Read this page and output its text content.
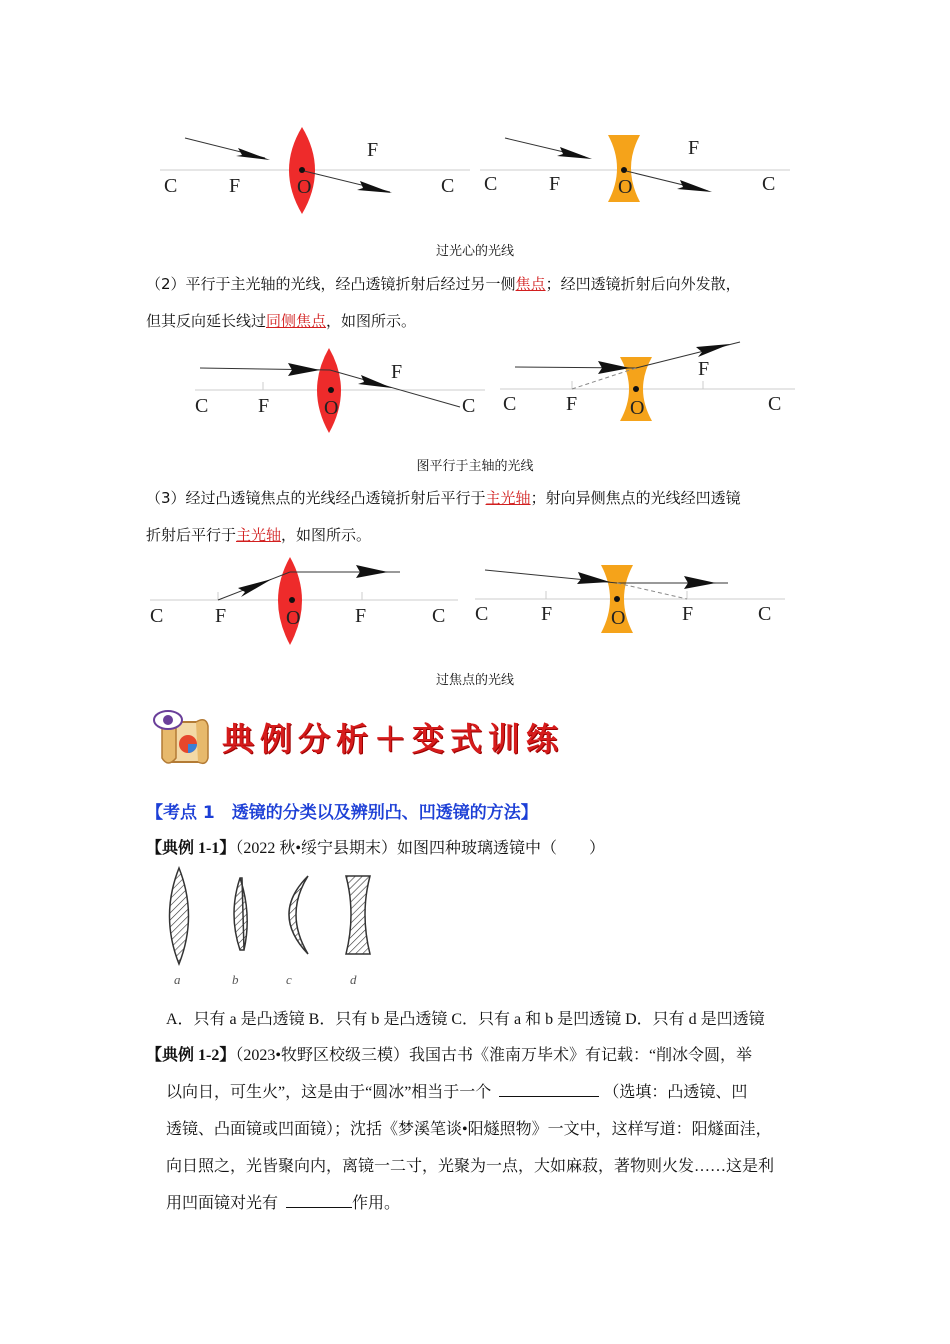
C	F	O
F
C C	F	O
F
C
过光心的光线
（2）平行于主光轴的光线，经凸透镜折射后经过另一侧焦点；经凹透镜折射后向外发散，
但其反向延长线过同侧焦点，如图所示。
C F	O
F
C C F	O
F
C
图平行于主轴的光线
（3）经过凸透镜焦点的光线经凸透镜折射后平行于主光轴；射向异侧焦点的光线经凹透镜
折射后平行于主光轴，如图所示。
C	F	O	F	C C	F	O	F	C
过焦点的光线
典例分析＋变式训练
【考点 1　透镜的分类以及辨别凸、凹透镜的方法】
【典例 1-1】（2022 秋•绥宁县期末）如图四种玻璃透镜中（　　）
a	b	c	d
A．只有 a 是凸透镜 B．只有 b 是凸透镜 C．只有 a 和 b 是凹透镜 D．只有 d 是凹透镜
【典例 1-2】（2023•牧野区校级三模）我国古书《淮南万毕术》有记载：“削冰令圆，举
以向日，可生火”，这是由于“圆冰”相当于一个	（选填：凸透镜、凹
透镜、凸面镜或凹面镜）；沈括《梦溪笔谈•阳燧照物》一文中，这样写道：阳燧面洼，
向日照之，光皆聚向内，离镜一二寸，光聚为一点，大如麻菽，著物则火发……这是利
用凹面镜对光有	作用。
